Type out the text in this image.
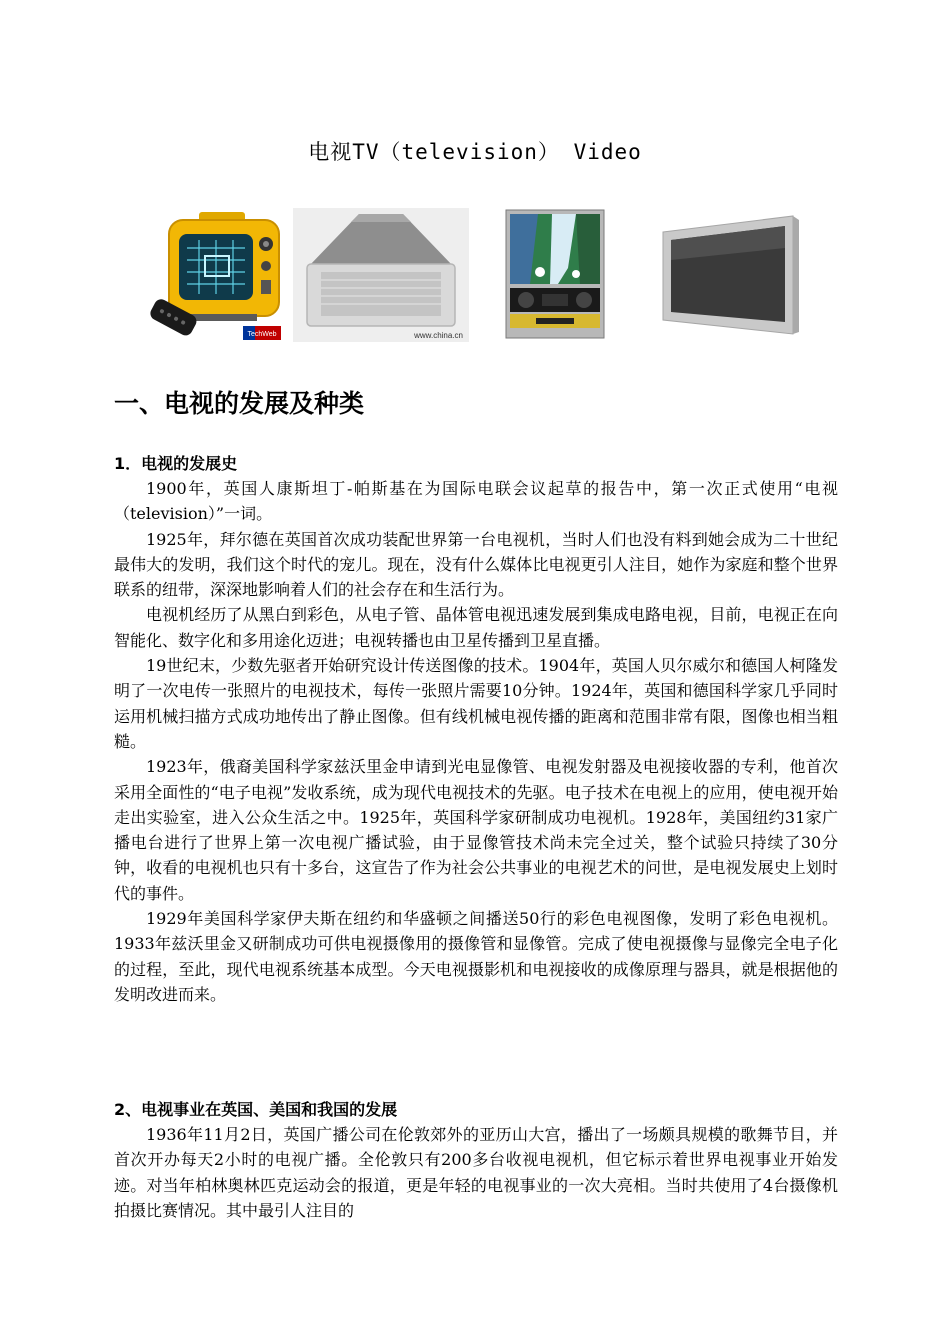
电视TV（television） Video
TechWeb	www.china.cn
一、电视的发展及种类
1．电视的发展史

1900年，英国人康斯坦丁-帕斯基在为国际电联会议起草的报告中，第一次正式使用“电视（television）”一词。

1925年，拜尔德在英国首次成功装配世界第一台电视机，当时人们也没有料到她会成为二十世纪最伟大的发明，我们这个时代的宠儿。现在，没有什么媒体比电视更引人注目，她作为家庭和整个世界联系的纽带，深深地影响着人们的社会存在和生活行为。

电视机经历了从黑白到彩色，从电子管、晶体管电视迅速发展到集成电路电视，目前，电视正在向智能化、数字化和多用途化迈进；电视转播也由卫星传播到卫星直播。

19世纪末，少数先驱者开始研究设计传送图像的技术。1904年，英国人贝尔威尔和德国人柯隆发明了一次电传一张照片的电视技术，每传一张照片需要10分钟。1924年，英国和德国科学家几乎同时运用机械扫描方式成功地传出了静止图像。但有线机械电视传播的距离和范围非常有限，图像也相当粗糙。

1923年，俄裔美国科学家兹沃里金申请到光电显像管、电视发射器及电视接收器的专利，他首次采用全面性的“电子电视”发收系统，成为现代电视技术的先驱。电子技术在电视上的应用，使电视开始走出实验室，进入公众生活之中。1925年，英国科学家研制成功电视机。1928年，美国纽约31家广播电台进行了世界上第一次电视广播试验，由于显像管技术尚未完全过关，整个试验只持续了30分钟，收看的电视机也只有十多台，这宣告了作为社会公共事业的电视艺术的问世，是电视发展史上划时代的事件。

1929年美国科学家伊夫斯在纽约和华盛顿之间播送50行的彩色电视图像，发明了彩色电视机。1933年兹沃里金又研制成功可供电视摄像用的摄像管和显像管。完成了使电视摄像与显像完全电子化的过程，至此，现代电视系统基本成型。今天电视摄影机和电视接收的成像原理与器具，就是根据他的发明改进而来。

2、电视事业在英国、美国和我国的发展

1936年11月2日，英国广播公司在伦敦郊外的亚历山大宫，播出了一场颇具规模的歌舞节目，并首次开办每天2小时的电视广播。全伦敦只有200多台收视电视机，但它标示着世界电视事业开始发迹。对当年柏林奥林匹克运动会的报道，更是年轻的电视事业的一次大亮相。当时共使用了4台摄像机拍摄比赛情况。其中最引人注目的
